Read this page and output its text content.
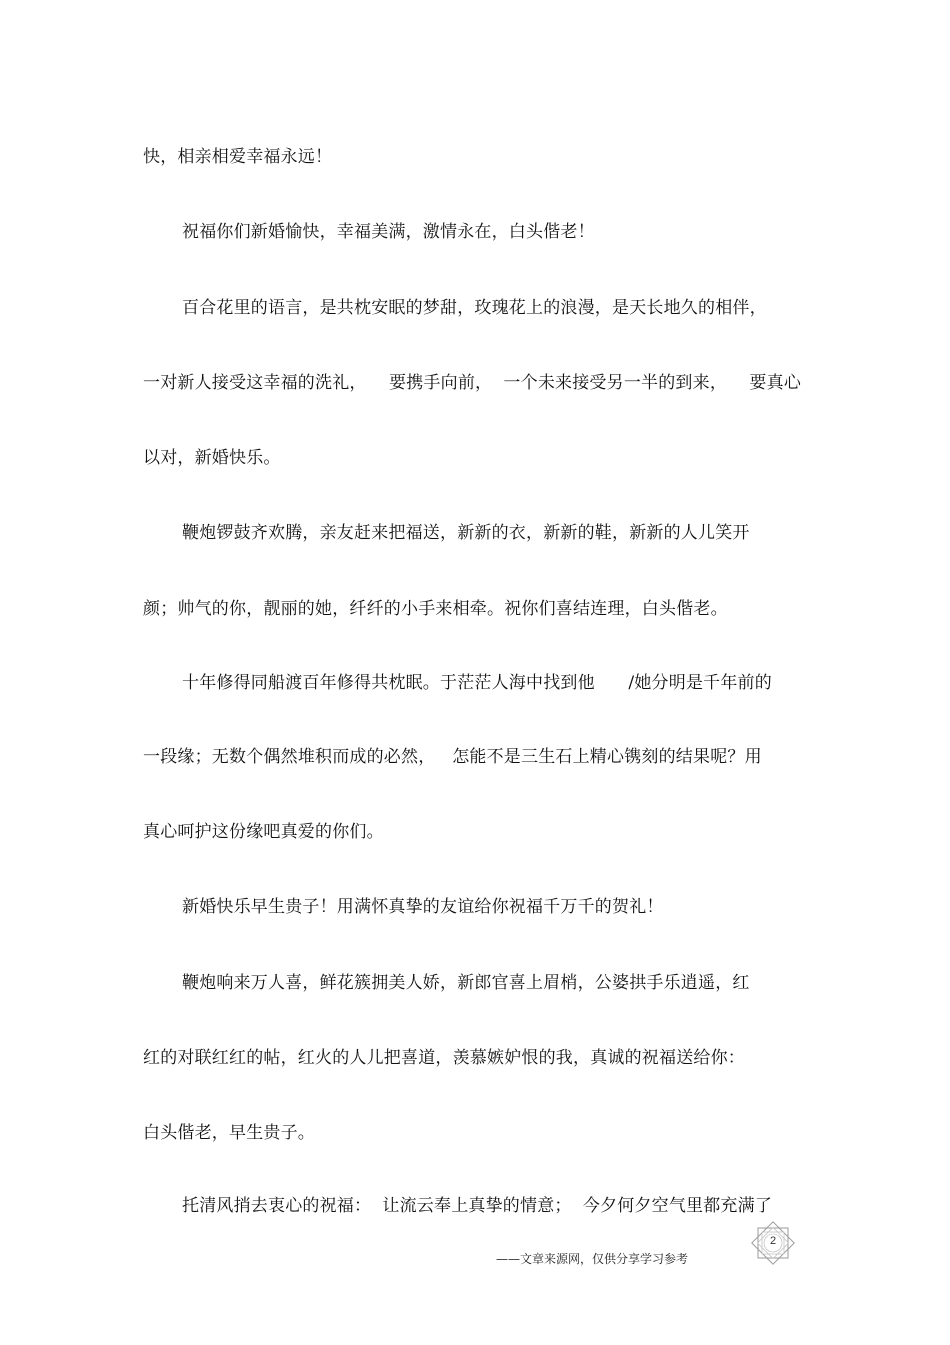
快，相亲相爱幸福永远！
祝福你们新婚愉快，幸福美满，激情永在，白头偕老！
百合花里的语言，是共枕安眠的梦甜，玫瑰花上的浪漫，是天长地久的相伴，
一对新人接受这幸福的洗礼，    要携手向前，  一个未来接受另一半的到来，    要真心
以对，新婚快乐。
鞭炮锣鼓齐欢腾，亲友赶来把福送，新新的衣，新新的鞋，新新的人儿笑开
颜；帅气的你，靓丽的她，纤纤的小手来相牵。祝你们喜结连理，白头偕老。
十年修得同船渡百年修得共枕眠。于茫茫人海中找到他      /她分明是千年前的
一段缘；无数个偶然堆积而成的必然，   怎能不是三生石上精心镌刻的结果呢？用
真心呵护这份缘吧真爱的你们。
新婚快乐早生贵子！用满怀真挚的友谊给你祝福千万千的贺礼！
鞭炮响来万人喜，鲜花簇拥美人娇，新郎官喜上眉梢，公婆拱手乐逍遥，红
红的对联红红的帖，红火的人儿把喜道，羡慕嫉妒恨的我，真诚的祝福送给你：
白头偕老，早生贵子。
托清风捎去衷心的祝福：  让流云奉上真挚的情意；  今夕何夕空气里都充满了
2
——文章来源网，仅供分享学习参考
